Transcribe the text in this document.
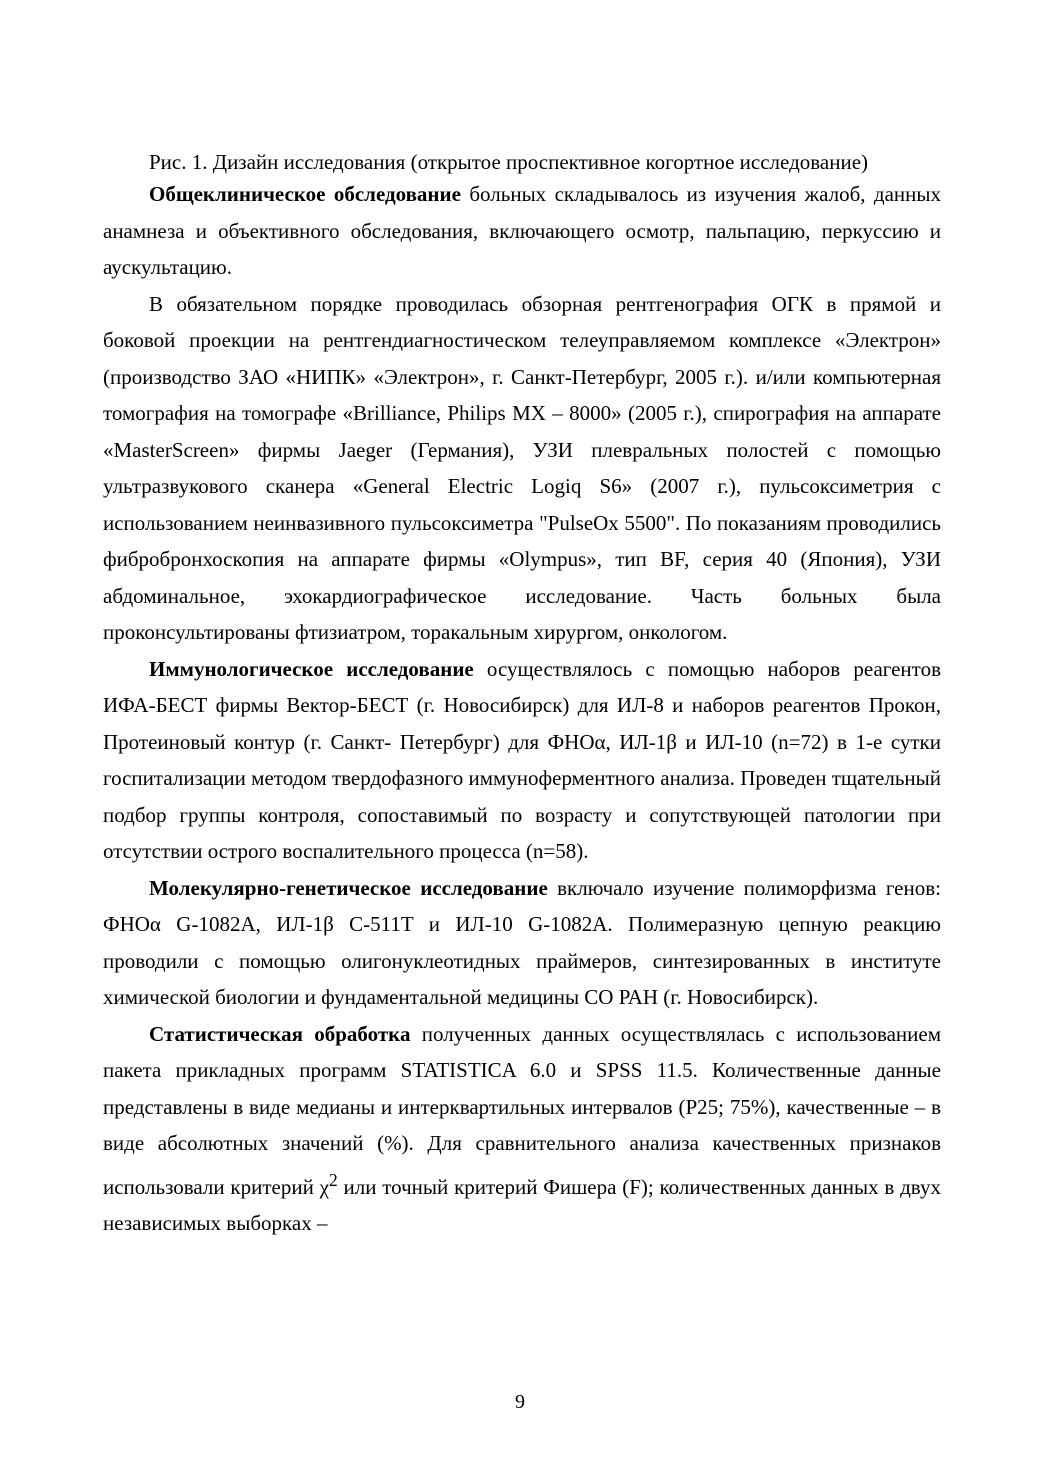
Рис. 1. Дизайн исследования (открытое проспективное когортное исследование)

Общеклиническое обследование больных складывалось из изучения жалоб, данных анамнеза и объективного обследования, включающего осмотр, пальпацию, перкуссию и аускультацию.

В обязательном порядке проводилась обзорная рентгенография ОГК в прямой и боковой проекции на рентгендиагностическом телеуправляемом комплексе «Электрон» (производство ЗАО «НИПК» «Электрон», г. Санкт-Петербург, 2005 г.). и/или компьютерная томография на томографе «Brilliance, Philips MX – 8000» (2005 г.), спирография на аппарате «MasterScreen» фирмы Jaeger (Германия), УЗИ плевральных полостей с помощью ультразвукового сканера «General Electric Logiq S6» (2007 г.), пульсоксиметрия с использованием неинвазивного пульсоксиметра "PulseOx 5500". По показаниям проводились фибробронхоскопия на аппарате фирмы «Olympus», тип BF, серия 40 (Япония), УЗИ абдоминальное, эхокардиографическое исследование. Часть больных была проконсультированы фтизиатром, торакальным хирургом, онкологом.

Иммунологическое исследование осуществлялось с помощью наборов реагентов ИФА-БЕСТ фирмы Вектор-БЕСТ (г. Новосибирск) для ИЛ-8 и наборов реагентов Прокон, Протеиновый контур (г. Санкт- Петербург) для ФНОα, ИЛ-1β и ИЛ-10 (n=72) в 1-е сутки госпитализации методом твердофазного иммуноферментного анализа. Проведен тщательный подбор группы контроля, сопоставимый по возрасту и сопутствующей патологии при отсутствии острого воспалительного процесса (n=58).

Молекулярно-генетическое исследование включало изучение полиморфизма генов: ФНОα G-1082A, ИЛ-1β C-511T и ИЛ-10 G-1082A. Полимеразную цепную реакцию проводили с помощью олигонуклеотидных праймеров, синтезированных в институте химической биологии и фундаментальной медицины СО РАН (г. Новосибирск).

Статистическая обработка полученных данных осуществлялась с использованием пакета прикладных программ STATISTICA 6.0 и SPSS 11.5. Количественные данные представлены в виде медианы и интерквартильных интервалов (P25; 75%), качественные – в виде абсолютных значений (%). Для сравнительного анализа качественных признаков использовали критерий $\chi^2$ или точный критерий Фишера (F); количественных данных в двух независимых выборках –

9
